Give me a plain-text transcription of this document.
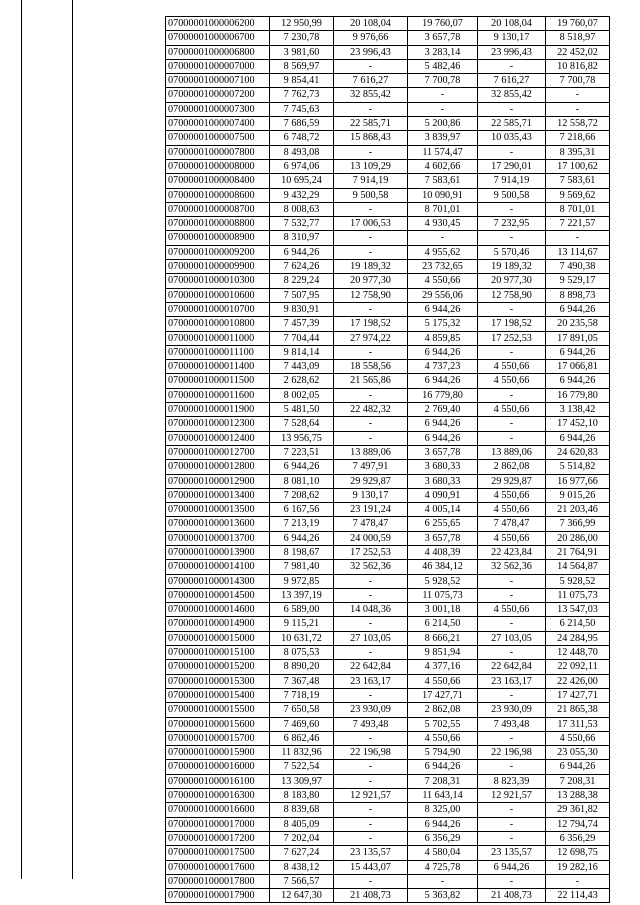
07000001000006200	12 950,99	20 108,04	19 760,07	20 108,04	19 760,07
07000001000006700	7 230,78	9 976,66	3 657,78	9 130,17	8 518,97
07000001000006800	3 981,60	23 996,43	3 283,14	23 996,43	22 452,02
07000001000007000	8 569,97	-	5 482,46	-	10 816,82
07000001000007100	9 854,41	7 616,27	7 700,78	7 616,27	7 700,78
07000001000007200	7 762,73	32 855,42	-	32 855,42	-
07000001000007300	7 745,63	-	-	-	-
07000001000007400	7 686,59	22 585,71	5 200,86	22 585,71	12 558,72
07000001000007500	6 748,72	15 868,43	3 839,97	10 035,43	7 218,66
07000001000007800	8 493,08	-	11 574,47	-	8 395,31
07000001000008000	6 974,06	13 109,29	4 602,66	17 290,01	17 100,62
07000001000008400	10 695,24	7 914,19	7 583,61	7 914,19	7 583,61
07000001000008600	9 432,29	9 500,58	10 090,91	9 500,58	9 569,62
07000001000008700	8 008,63	-	8 701,01	-	8 701,01
07000001000008800	7 532,77	17 006,53	4 930,45	7 232,95	7 221,57
07000001000008900	8 310,97	-	-	-	-
07000001000009200	6 944,26	-	4 955,62	5 570,46	13 114,67
07000001000009900	7 624,26	19 189,32	23 732,65	19 189,32	7 490,38
07000001000010300	8 229,24	20 977,30	4 550,66	20 977,30	9 529,17
07000001000010600	7 507,95	12 758,90	29 556,06	12 758,90	8 898,73
07000001000010700	9 830,91	-	6 944,26	-	6 944,26
07000001000010800	7 457,39	17 198,52	5 175,32	17 198,52	20 235,58
07000001000011000	7 704,44	27 974,22	4 859,85	17 252,53	17 891,05
07000001000011100	9 814,14	-	6 944,26	-	6 944,26
07000001000011400	7 443,09	18 558,56	4 737,23	4 550,66	17 066,81
07000001000011500	2 628,62	21 565,86	6 944,26	4 550,66	6 944,26
07000001000011600	8 002,05	-	16 779,80	-	16 779,80
07000001000011900	5 481,50	22 482,32	2 769,40	4 550,66	3 138,42
07000001000012300	7 528,64	-	6 944,26	-	17 452,10
07000001000012400	13 956,75	-	6 944,26	-	6 944,26
07000001000012700	7 223,51	13 889,06	3 657,78	13 889,06	24 620,83
07000001000012800	6 944,26	7 497,91	3 680,33	2 862,08	5 514,82
07000001000012900	8 081,10	29 929,87	3 680,33	29 929,87	16 977,66
07000001000013400	7 208,62	9 130,17	4 090,91	4 550,66	9 015,26
07000001000013500	6 167,56	23 191,24	4 005,14	4 550,66	21 203,46
07000001000013600	7 213,19	7 478,47	6 255,65	7 478,47	7 366,99
07000001000013700	6 944,26	24 000,59	3 657,78	4 550,66	20 286,00
07000001000013900	8 198,67	17 252,53	4 408,39	22 423,84	21 764,91
07000001000014100	7 981,40	32 562,36	46 384,12	32 562,36	14 564,87
07000001000014300	9 972,85	-	5 928,52	-	5 928,52
07000001000014500	13 397,19	-	11 075,73	-	11 075,73
07000001000014600	6 589,00	14 048,36	3 001,18	4 550,66	13 547,03
07000001000014900	9 115,21	-	6 214,50	-	6 214,50
07000001000015000	10 631,72	27 103,05	8 666,21	27 103,05	24 284,95
07000001000015100	8 075,53	-	9 851,94	-	12 448,70
07000001000015200	8 890,20	22 642,84	4 377,16	22 642,84	22 092,11
07000001000015300	7 367,48	23 163,17	4 550,66	23 163,17	22 426,00
07000001000015400	7 718,19	-	17 427,71	-	17 427,71
07000001000015500	7 650,58	23 930,09	2 862,08	23 930,09	21 865,38
07000001000015600	7 469,60	7 493,48	5 702,55	7 493,48	17 311,53
07000001000015700	6 862,46	-	4 550,66	-	4 550,66
07000001000015900	11 832,96	22 196,98	5 794,90	22 196,98	23 055,30
07000001000016000	7 522,54	-	6 944,26	-	6 944,26
07000001000016100	13 309,97	-	7 208,31	8 823,39	7 208,31
07000001000016300	8 183,80	12 921,57	11 643,14	12 921,57	13 288,38
07000001000016600	8 839,68	-	8 325,00	-	29 361,82
07000001000017000	8 405,09	-	6 944,26	-	12 794,74
07000001000017200	7 202,04	-	6 356,29	-	6 356,29
07000001000017500	7 627,24	23 135,57	4 580,04	23 135,57	12 698,75
07000001000017600	8 438,12	15 443,07	4 725,78	6 944,26	19 282,16
07000001000017800	7 566,57	-	-	-	-
07000001000017900	12 647,30	21 408,73	5 363,82	21 408,73	22 114,43
